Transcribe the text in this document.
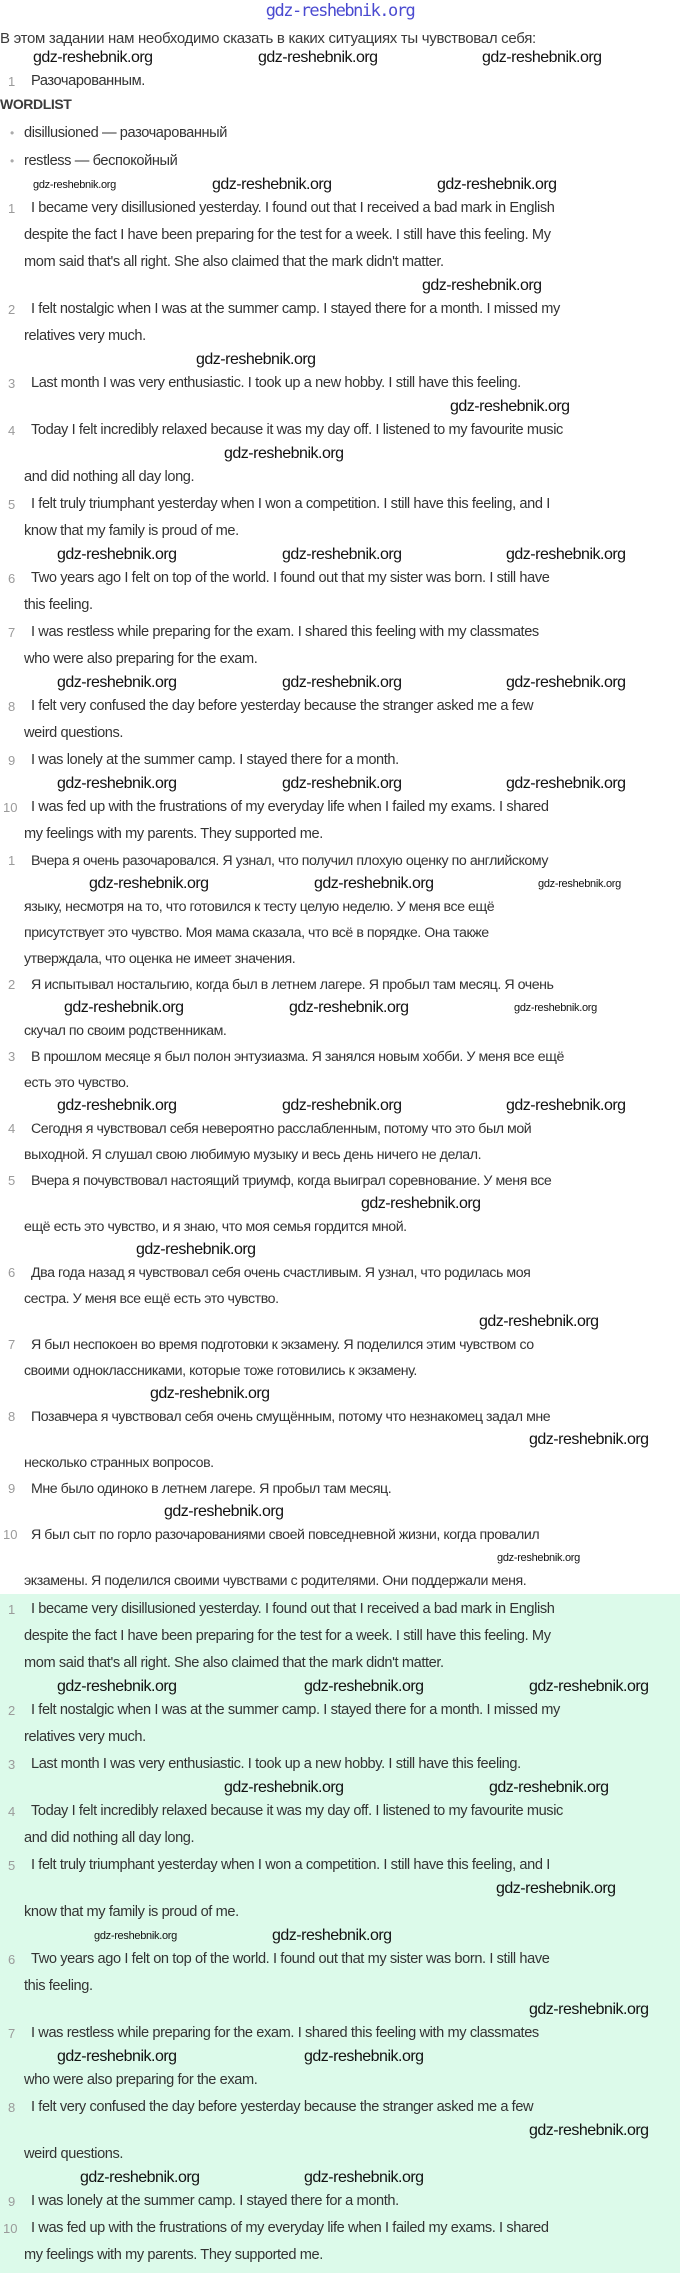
gdz-reshebnik.org
В этом задании нам необходимо сказать в каких ситуациях ты чувствовал себя:
gdz-reshebnik.org	gdz-reshebnik.org	gdz-reshebnik.org
1	Разочарованным.
WORDLIST
• disillusioned — разочарованный
• restless — беспокойный
gdz-reshebnik.org	gdz-reshebnik.org	gdz-reshebnik.org
1	I became very disillusioned yesterday. I found out that I received a bad mark in English
despite the fact I have been preparing for the test for a week. I still have this feeling. My
mom said that's all right. She also claimed that the mark didn't matter.
gdz-reshebnik.org
2	I felt nostalgic when I was at the summer camp. I stayed there for a month. I missed my
relatives very much.
gdz-reshebnik.org
3	Last month I was very enthusiastic. I took up a new hobby. I still have this feeling.
gdz-reshebnik.org
4	Today I felt incredibly relaxed because it was my day off. I listened to my favourite music
gdz-reshebnik.org
and did nothing all day long.
5	I felt truly triumphant yesterday when I won a competition. I still have this feeling, and I
know that my family is proud of me.
gdz-reshebnik.org	gdz-reshebnik.org	gdz-reshebnik.org
6	Two years ago I felt on top of the world. I found out that my sister was born. I still have
this feeling.
7	I was restless while preparing for the exam. I shared this feeling with my classmates
who were also preparing for the exam.
gdz-reshebnik.org	gdz-reshebnik.org	gdz-reshebnik.org
8	I felt very confused the day before yesterday because the stranger asked me a few
weird questions.
9	I was lonely at the summer camp. I stayed there for a month.
gdz-reshebnik.org	gdz-reshebnik.org	gdz-reshebnik.org
10 I was fed up with the frustrations of my everyday life when I failed my exams. I shared
my feelings with my parents. They supported me.
1	Вчера я очень разочаровался. Я узнал, что получил плохую оценку по английскому
gdz-reshebnik.org	gdz-reshebnik.org	gdz-reshebnik.org
языку, несмотря на то, что готовился к тесту целую неделю. У меня все ещё
присутствует это чувство. Моя мама сказала, что всё в порядке. Она также
утверждала, что оценка не имеет значения.
2	Я испытывал ностальгию, когда был в летнем лагере. Я пробыл там месяц. Я очень
gdz-reshebnik.org	gdz-reshebnik.org	gdz-reshebnik.org
скучал по своим родственникам.
3	В прошлом месяце я был полон энтузиазма. Я занялся новым хобби. У меня все ещё
есть это чувство.
gdz-reshebnik.org	gdz-reshebnik.org	gdz-reshebnik.org
4	Сегодня я чувствовал себя невероятно расслабленным, потому что это был мой
выходной. Я слушал свою любимую музыку и весь день ничего не делал.
5	Вчера я почувствовал настоящий триумф, когда выиграл соревнование. У меня все
gdz-reshebnik.org
ещё есть это чувство, и я знаю, что моя семья гордится мной.
gdz-reshebnik.org
6	Два года назад я чувствовал себя очень счастливым. Я узнал, что родилась моя
сестра. У меня все ещё есть это чувство.
gdz-reshebnik.org
7	Я был неспокоен во время подготовки к экзамену. Я поделился этим чувством со
своими одноклассниками, которые тоже готовились к экзамену.
gdz-reshebnik.org
8	Позавчера я чувствовал себя очень смущённым, потому что незнакомец задал мне
gdz-reshebnik.org
несколько странных вопросов.
9	Мне было одиноко в летнем лагере. Я пробыл там месяц.
gdz-reshebnik.org
10 Я был сыт по горло разочарованиями своей повседневной жизни, когда провалил
gdz-reshebnik.org
экзамены. Я поделился своими чувствами с родителями. Они поддержали меня.
1	I became very disillusioned yesterday. I found out that I received a bad mark in English
despite the fact I have been preparing for the test for a week. I still have this feeling. My
mom said that's all right. She also claimed that the mark didn't matter.
gdz-reshebnik.org	gdz-reshebnik.org	gdz-reshebnik.org
2	I felt nostalgic when I was at the summer camp. I stayed there for a month. I missed my
relatives very much.
3	Last month I was very enthusiastic. I took up a new hobby. I still have this feeling.
gdz-reshebnik.org	gdz-reshebnik.org
4	Today I felt incredibly relaxed because it was my day off. I listened to my favourite music
and did nothing all day long.
5	I felt truly triumphant yesterday when I won a competition. I still have this feeling, and I
gdz-reshebnik.org
know that my family is proud of me.
gdz-reshebnik.org	gdz-reshebnik.org
6	Two years ago I felt on top of the world. I found out that my sister was born. I still have
this feeling.
gdz-reshebnik.org
7	I was restless while preparing for the exam. I shared this feeling with my classmates
gdz-reshebnik.org	gdz-reshebnik.org
who were also preparing for the exam.
8	I felt very confused the day before yesterday because the stranger asked me a few
gdz-reshebnik.org
weird questions.
gdz-reshebnik.org	gdz-reshebnik.org
9	I was lonely at the summer camp. I stayed there for a month.
10 I was fed up with the frustrations of my everyday life when I failed my exams. I shared
my feelings with my parents. They supported me.
